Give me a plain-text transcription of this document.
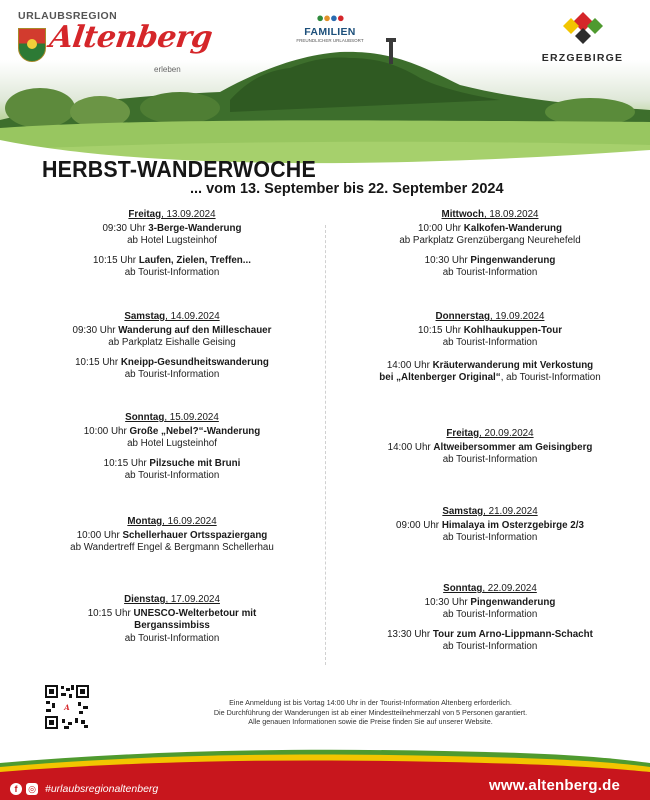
URLAUBSREGION
Altenberg
erleben
●●●●
FAMILIEN
FREUNDLICHER URLAUBSORT
ERZGEBIRGE
HERBST-WANDERWOCHE
... vom 13. September bis 22. September 2024
Freitag, 13.09.2024
09:30 Uhr 3-Berge-Wanderung
ab Hotel Lugsteinhof
10:15 Uhr Laufen, Zielen, Treffen...
ab Tourist-Information
Samstag, 14.09.2024
09:30 Uhr Wanderung auf den Milleschauer
ab Parkplatz Eishalle Geising
10:15 Uhr Kneipp-Gesundheitswanderung
ab Tourist-Information
Sonntag, 15.09.2024
10:00 Uhr Große „Nebel?“-Wanderung
ab Hotel Lugsteinhof
10:15 Uhr Pilzsuche mit Bruni
ab Tourist-Information
Montag, 16.09.2024
10:00 Uhr Schellerhauer Ortsspaziergang
ab Wandertreff Engel & Bergmann Schellerhau
Dienstag, 17.09.2024
10:15 Uhr UNESCO-Welterbetour mit
Berganssimbiss
ab Tourist-Information
Mittwoch, 18.09.2024
10:00 Uhr Kalkofen-Wanderung
ab Parkplatz Grenzübergang Neurehefeld
10:30 Uhr Pingenwanderung
ab Tourist-Information
Donnerstag, 19.09.2024
10:15 Uhr Kohlhaukuppen-Tour
ab Tourist-Information
14:00 Uhr Kräuterwanderung mit Verkostung
bei „Altenberger Original“, ab Tourist-Information
Freitag, 20.09.2024
14:00 Uhr Altweibersommer am Geisingberg
ab Tourist-Information
Samstag, 21.09.2024
09:00 Uhr Himalaya im Osterzgebirge 2/3
ab Tourist-Information
Sonntag, 22.09.2024
10:30 Uhr Pingenwanderung
ab Tourist-Information
13:30 Uhr Tour zum Arno-Lippmann-Schacht
ab Tourist-Information
A
Eine Anmeldung ist bis Vortag 14:00 Uhr in der Tourist-Information Altenberg erforderlich.
Die Durchführung der Wanderungen ist ab einer Mindestteilnehmerzahl von 5 Personen garantiert.
Alle genauen Informationen sowie die Preise finden Sie auf unserer Website.
f	◎ #urlaubsregionaltenberg	www.altenberg.de
